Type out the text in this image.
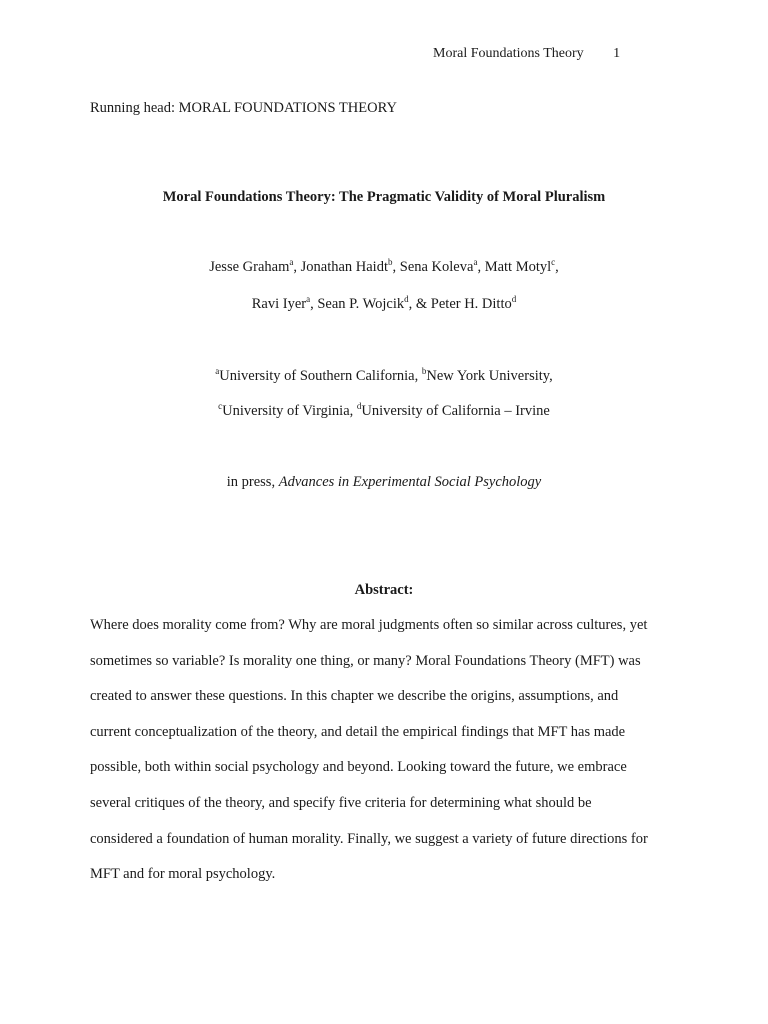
Moral Foundations Theory 1
Running head: MORAL FOUNDATIONS THEORY
Moral Foundations Theory: The Pragmatic Validity of Moral Pluralism
Jesse Graham$^a$, Jonathan Haidt$^b$, Sena Koleva$^a$, Matt Motyl$^c$,
Ravi Iyer$^a$, Sean P. Wojcik$^d$, & Peter H. Ditto$^d$
$^a$University of Southern California, $^b$New York University,
$^c$University of Virginia, $^d$University of California – Irvine
in press, Advances in Experimental Social Psychology
Abstract:
Where does morality come from? Why are moral judgments often so similar across cultures, yet
sometimes so variable? Is morality one thing, or many? Moral Foundations Theory (MFT) was
created to answer these questions. In this chapter we describe the origins, assumptions, and
current conceptualization of the theory, and detail the empirical findings that MFT has made
possible, both within social psychology and beyond. Looking toward the future, we embrace
several critiques of the theory, and specify five criteria for determining what should be
considered a foundation of human morality. Finally, we suggest a variety of future directions for
MFT and for moral psychology.
